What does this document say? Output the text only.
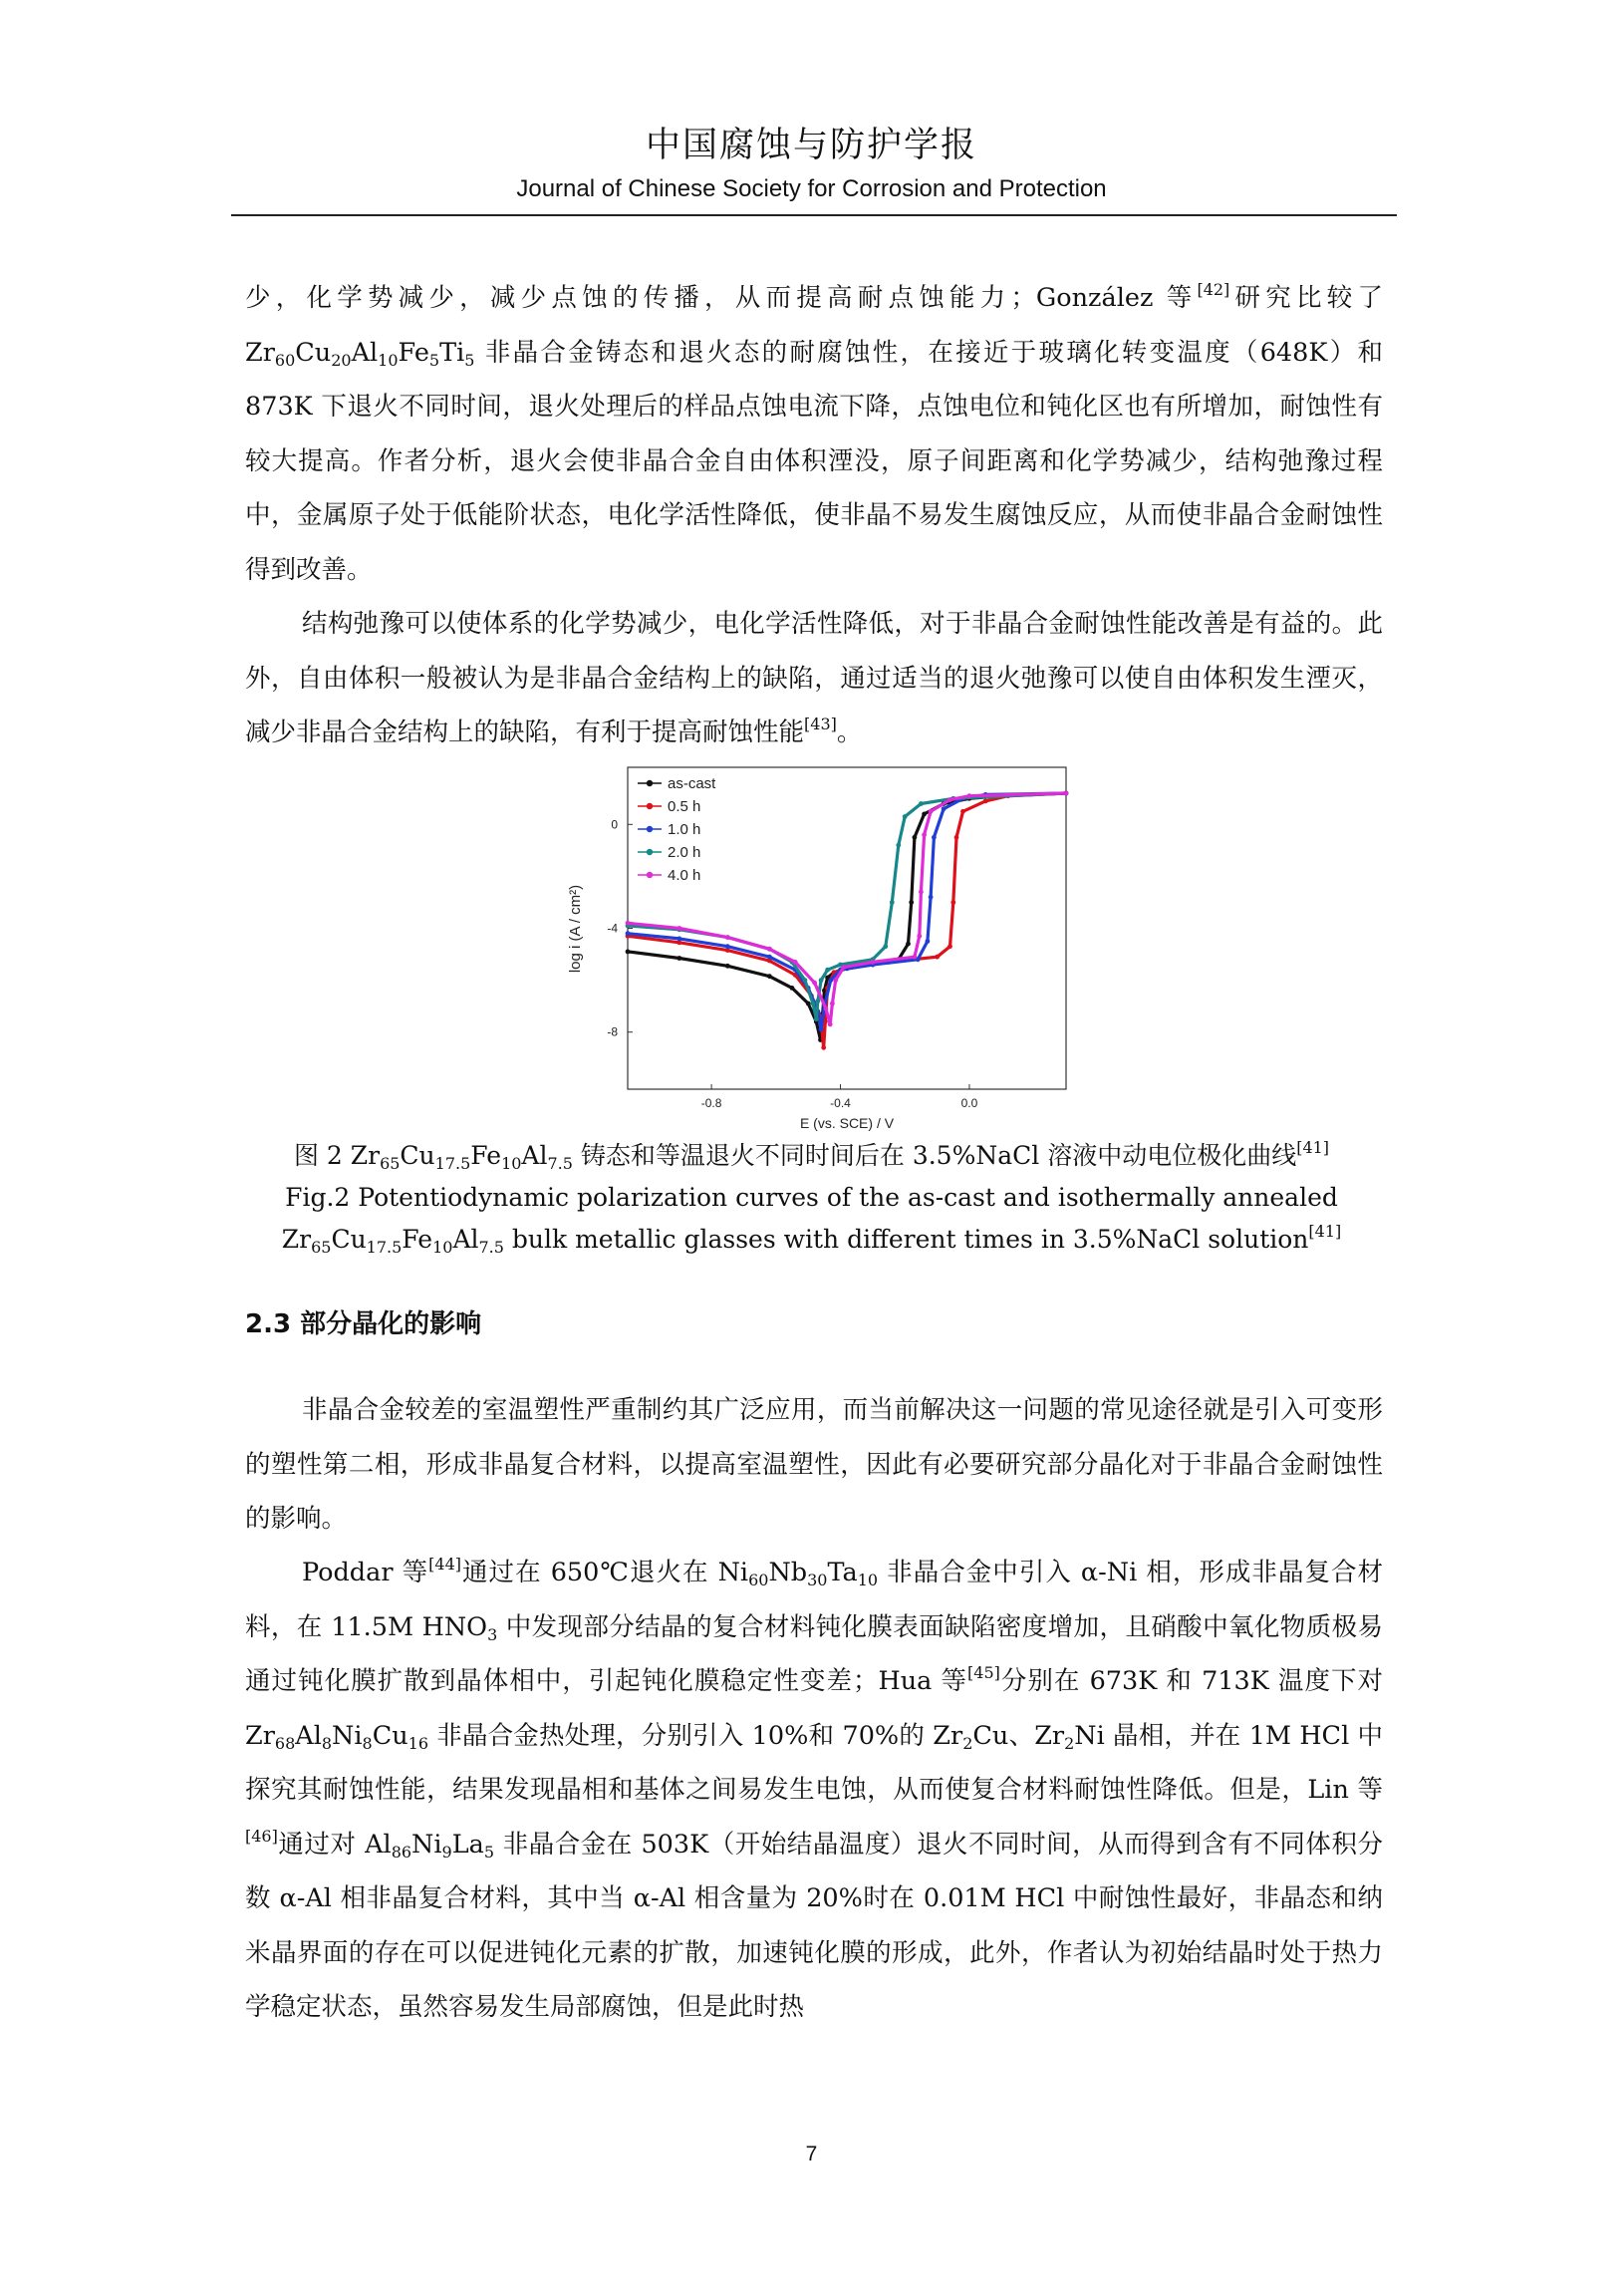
中国腐蚀与防护学报
Journal of Chinese Society for Corrosion and Protection

少，化学势减少，减少点蚀的传播，从而提高耐点蚀能力；González 等[42]研究比较了 $Zr_{60}Cu_{20}Al_{10}Fe_5Ti_5$ 非晶合金铸态和退火态的耐腐蚀性，在接近于玻璃化转变温度（648K）和 873K 下退火不同时间，退火处理后的样品点蚀电流下降，点蚀电位和钝化区也有所增加，耐蚀性有较大提高。作者分析，退火会使非晶合金自由体积湮没，原子间距离和化学势减少，结构弛豫过程中，金属原子处于低能阶状态，电化学活性降低，使非晶不易发生腐蚀反应，从而使非晶合金耐蚀性得到改善。

结构弛豫可以使体系的化学势减少，电化学活性降低，对于非晶合金耐蚀性能改善是有益的。此外，自由体积一般被认为是非晶合金结构上的缺陷，通过适当的退火弛豫可以使自由体积发生湮灭，减少非晶合金结构上的缺陷，有利于提高耐蚀性能[43]。

-0.8	-0.4	0.0
0
-4
-8
as-cast
0.5 h
1.0 h
2.0 h
4.0 h
E (vs. SCE) / V
log i (A / cm²)
图 2 $Zr_{65}Cu_{17.5}Fe_{10}Al_{7.5}$ 铸态和等温退火不同时间后在 3.5%NaCl 溶液中动电位极化曲线[41]
Fig.2 Potentiodynamic polarization curves of the as-cast and isothermally annealed
$Zr_{65}Cu_{17.5}Fe_{10}Al_{7.5}$ bulk metallic glasses with different times in 3.5%NaCl solution[41]
2.3 部分晶化的影响

非晶合金较差的室温塑性严重制约其广泛应用，而当前解决这一问题的常见途径就是引入可变形的塑性第二相，形成非晶复合材料，以提高室温塑性，因此有必要研究部分晶化对于非晶合金耐蚀性的影响。

Poddar 等[44]通过在 650℃退火在 $Ni_{60}Nb_{30}Ta_{10}$ 非晶合金中引入 α-Ni 相，形成非晶复合材料，在 11.5M $HNO_3$ 中发现部分结晶的复合材料钝化膜表面缺陷密度增加，且硝酸中氧化物质极易通过钝化膜扩散到晶体相中，引起钝化膜稳定性变差；Hua 等[45]分别在 673K 和 713K 温度下对 $Zr_{68}Al_8Ni_8Cu_{16}$ 非晶合金热处理，分别引入 10%和 70%的 $Zr_2Cu$、$Zr_2Ni$ 晶相，并在 1M HCl 中探究其耐蚀性能，结果发现晶相和基体之间易发生电蚀，从而使复合材料耐蚀性降低。但是，Lin 等[46]通过对 $Al_{86}Ni_9La_5$ 非晶合金在 503K（开始结晶温度）退火不同时间，从而得到含有不同体积分数 α-Al 相非晶复合材料，其中当 α-Al 相含量为 20%时在 0.01M HCl 中耐蚀性最好，非晶态和纳米晶界面的存在可以促进钝化元素的扩散，加速钝化膜的形成，此外，作者认为初始结晶时处于热力学稳定状态，虽然容易发生局部腐蚀，但是此时热

7
